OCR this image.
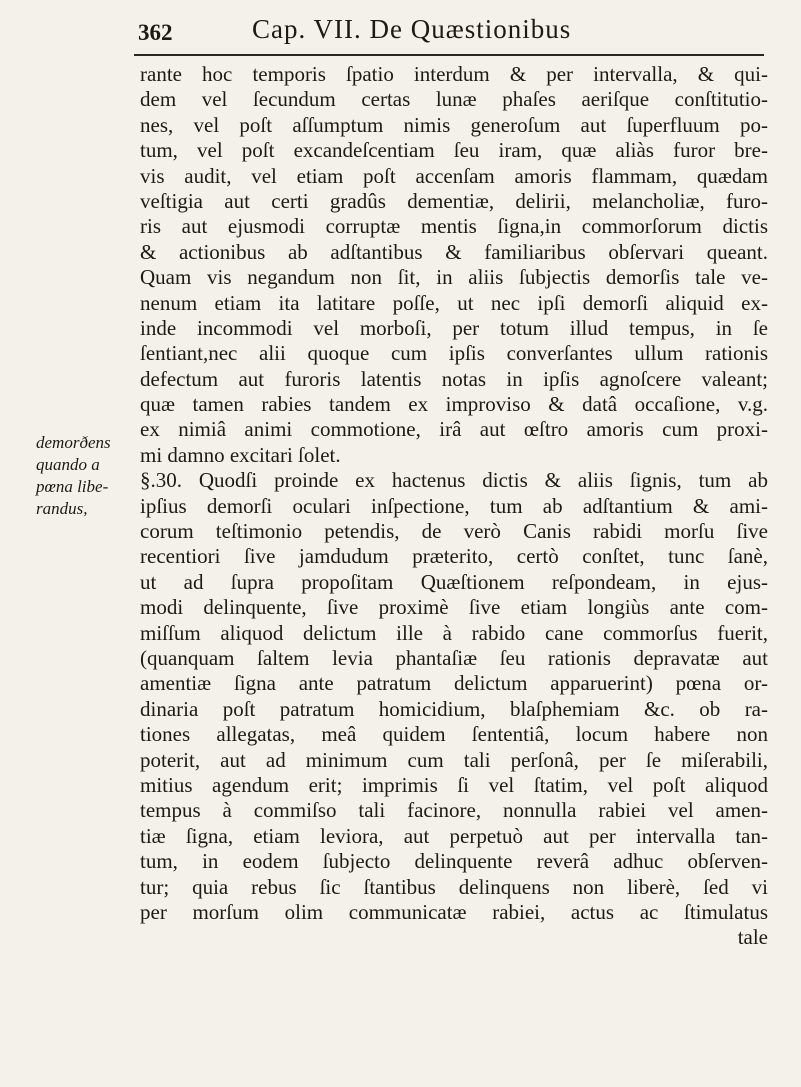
362	Cap. VII. De Quæstionibus
demorðens
quando a
pœna libe-
randus,
rante hoc temporis ſpatio interdum & per intervalla, & qui-
dem vel ſecundum certas lunæ phaſes aeriſque conſtitutio-
nes, vel poſt aſſumptum nimis generoſum aut ſuperfluum po-
tum, vel poſt excandeſcentiam ſeu iram, quæ aliàs furor bre-
vis audit, vel etiam poſt accenſam amoris flammam, quædam
veſtigia aut certi gradûs dementiæ, delirii, melancholiæ, furo-
ris aut ejusmodi corruptæ mentis ſigna,in commorſorum dictis
& actionibus ab adſtantibus & familiaribus obſervari queant.
Quam vis negandum non ſit, in aliis ſubjectis demorſis tale ve-
nenum etiam ita latitare poſſe, ut nec ipſi demorſi aliquid ex-
inde incommodi vel morboſi, per totum illud tempus, in ſe
ſentiant,nec alii quoque cum ipſis converſantes ullum rationis
defectum aut furoris latentis notas in ipſis agnoſcere valeant;
quæ tamen rabies tandem ex improviso & datâ occaſione, v.g.
ex nimiâ animi commotione, irâ aut œſtro amoris cum proxi-
mi damno excitari ſolet.
§.30. Quodſi proinde ex hactenus dictis & aliis ſignis, tum ab
ipſius demorſi oculari inſpectione, tum ab adſtantium & ami-
corum teſtimonio petendis, de verò Canis rabidi morſu ſive
recentiori ſive jamdudum præterito, certò conſtet, tunc ſanè,
ut ad ſupra propoſitam Quæſtionem reſpondeam, in ejus-
modi delinquente, ſive proximè ſive etiam longiùs ante com-
miſſum aliquod delictum ille à rabido cane commorſus fuerit,
(quanquam ſaltem levia phantaſiæ ſeu rationis depravatæ aut
amentiæ ſigna ante patratum delictum apparuerint) pœna or-
dinaria poſt patratum homicidium, blaſphemiam &c. ob ra-
tiones allegatas, meâ quidem ſententiâ, locum habere non
poterit, aut ad minimum cum tali perſonâ, per ſe miſerabili,
mitius agendum erit; imprimis ſi vel ſtatim, vel poſt aliquod
tempus à commiſso tali facinore, nonnulla rabiei vel amen-
tiæ ſigna, etiam leviora, aut perpetuò aut per intervalla tan-
tum, in eodem ſubjecto delinquente reverâ adhuc obſerven-
tur; quia rebus ſic ſtantibus delinquens non liberè, ſed vi
per morſum olim communicatæ rabiei, actus ac ſtimulatus
tale
